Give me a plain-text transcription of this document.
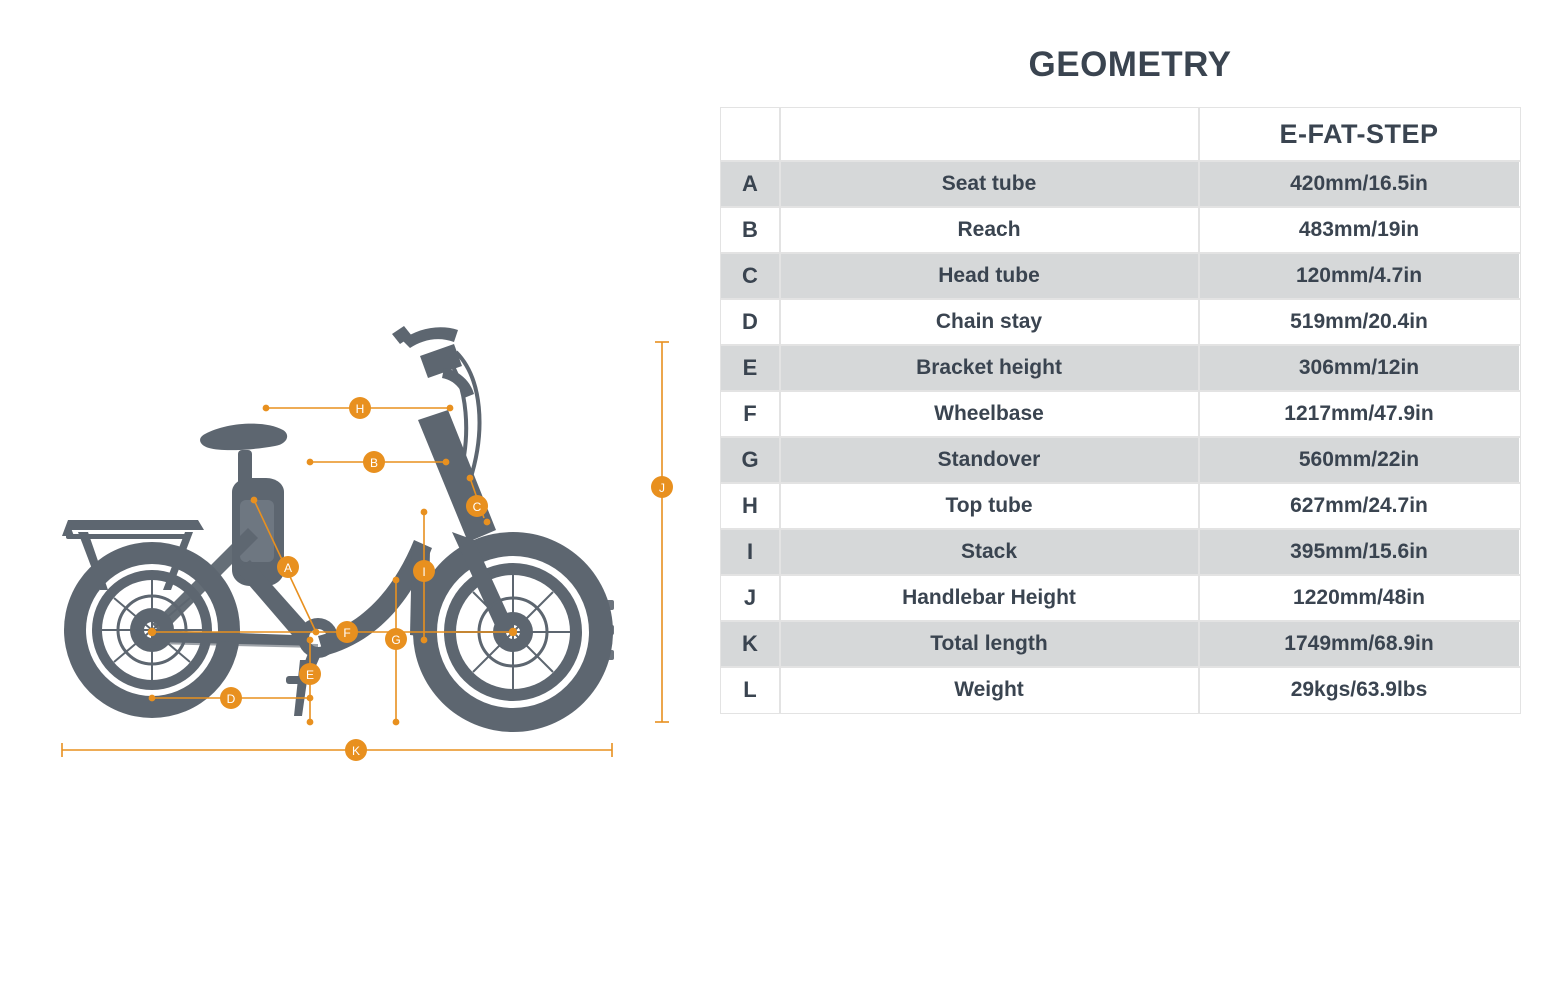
H
B
C
A	I
F	G
E
D
J
K
GEOMETRY
		E-FAT-STEP
A	Seat tube	420mm/16.5in
B	Reach	483mm/19in
C	Head tube	120mm/4.7in
D	Chain stay	519mm/20.4in
E	Bracket height	306mm/12in
F	Wheelbase	1217mm/47.9in
G	Standover	560mm/22in
H	Top tube	627mm/24.7in
I	Stack	395mm/15.6in
J	Handlebar Height	1220mm/48in
K	Total length	1749mm/68.9in
L	Weight	29kgs/63.9lbs
